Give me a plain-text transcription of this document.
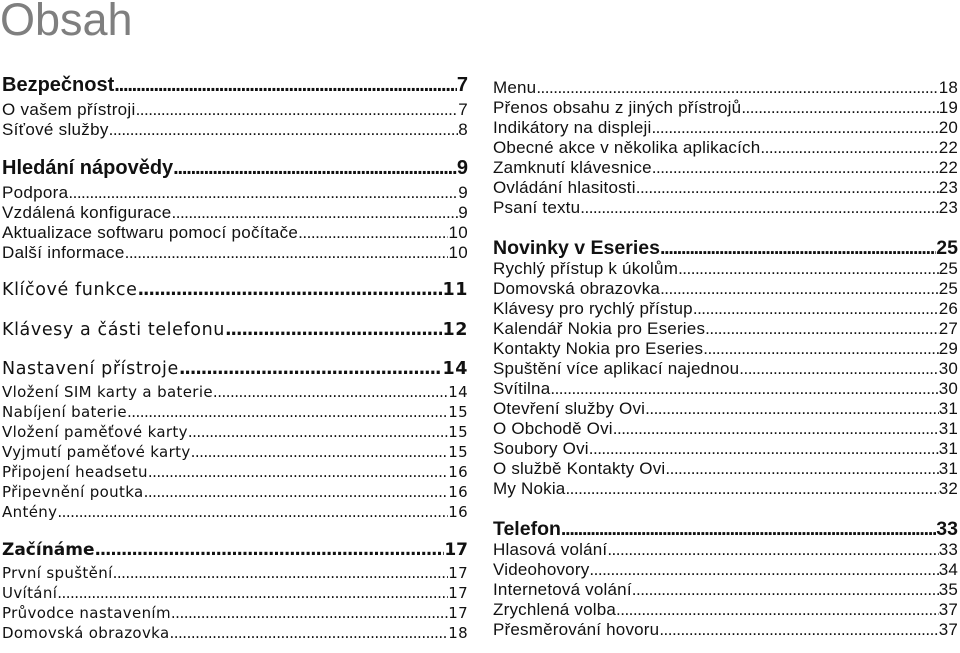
Obsah
Bezpečnost .....	7
O vašem přístroji .....	7
Síťové služby .....	8
Hledání nápovědy .....	9
Podpora .....	9
Vzdálená konfigurace .....	9
Aktualizace softwaru pomocí počítače .....	10
Další informace .....	10
Klíčové funkce .....	11
Klávesy a části telefonu .....	12
Nastavení přístroje .....	14
Vložení SIM karty a baterie .....	14
Nabíjení baterie .....	15
Vložení paměťové karty .....	15
Vyjmutí paměťové karty .....	15
Připojení headsetu .....	16
Připevnění poutka .....	16
Antény .....	16
Začínáme .....	17
První spuštění .....	17
Uvítání .....	17
Průvodce nastavením .....	17
Domovská obrazovka .....	18
Menu .....	18
Přenos obsahu z jiných přístrojů .....	19
Indikátory na displeji .....	20
Obecné akce v několika aplikacích .....	22
Zamknutí klávesnice .....	22
Ovládání hlasitosti .....	23
Psaní textu .....	23
Novinky v Eseries .....	25
Rychlý přístup k úkolům .....	25
Domovská obrazovka .....	25
Klávesy pro rychlý přístup .....	26
Kalendář Nokia pro Eseries .....	27
Kontakty Nokia pro Eseries .....	29
Spuštění více aplikací najednou .....	30
Svítilna .....	30
Otevření služby Ovi .....	31
O Obchodě Ovi .....	31
Soubory Ovi .....	31
O službě Kontakty Ovi .....	31
My Nokia .....	32
Telefon .....	33
Hlasová volání .....	33
Videohovory .....	34
Internetová volání .....	35
Zrychlená volba .....	37
Přesměrování hovoru .....	37
